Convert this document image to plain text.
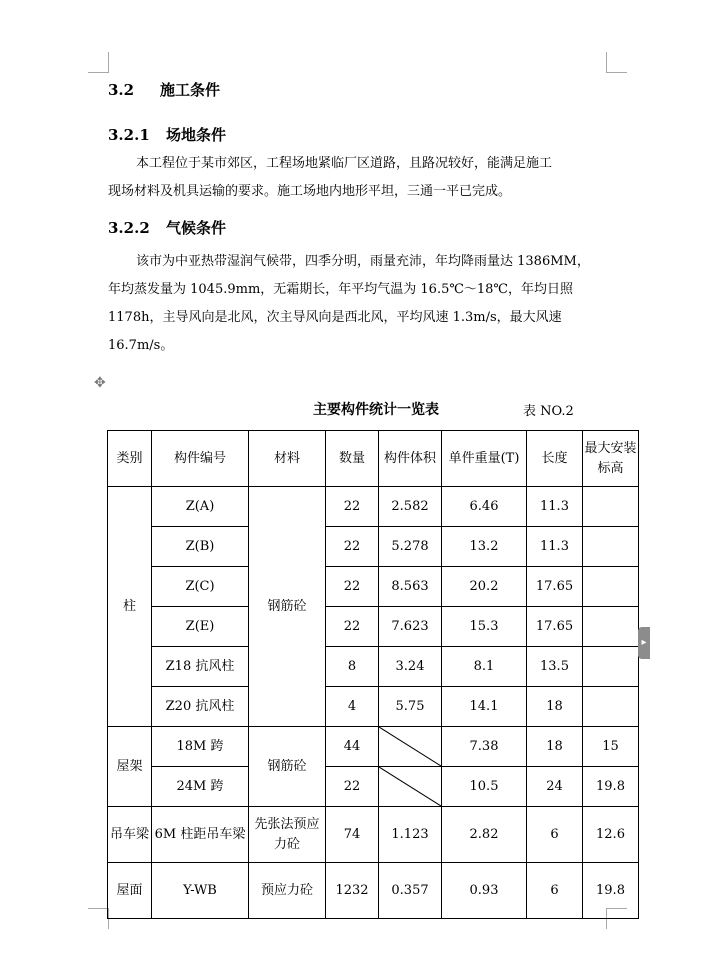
3.2 施工条件
3.2.1 场地条件
本工程位于某市郊区，工程场地紧临厂区道路，且路况较好，能满足施工
现场材料及机具运输的要求。施工场地内地形平坦，三通一平已完成。
3.2.2 气候条件
该市为中亚热带湿润气候带，四季分明，雨量充沛，年均降雨量达 1386MM，
年均蒸发量为 1045.9mm，无霜期长，年平均气温为 16.5℃～18℃，年均日照
1178h，主导风向是北风，次主导风向是西北风，平均风速 1.3m/s，最大风速
16.7m/s。
✥
主要构件统计一览表	表 NO.2
类别	构件编号	材料	数量	构件体积	单件重量(T)	长度	最大安装标高
柱	Z(A)	钢筋砼	22	2.582	6.46	11.3	
	Z(B)		22	5.278	13.2	11.3	
	Z(C)		22	8.563	20.2	17.65	
	Z(E)		22	7.623	15.3	17.65	
	Z18 抗风柱		8	3.24	8.1	13.5	
	Z20 抗风柱		4	5.75	14.1	18	
屋架	18M 跨	钢筋砼	44		7.38	18	15
	24M 跨		22		10.5	24	19.8
吊车梁	6M 柱距吊车梁	先张法预应力砼	74	1.123	2.82	6	12.6
屋面	Y-WB	预应力砼	1232	0.357	0.93	6	19.8
▸
